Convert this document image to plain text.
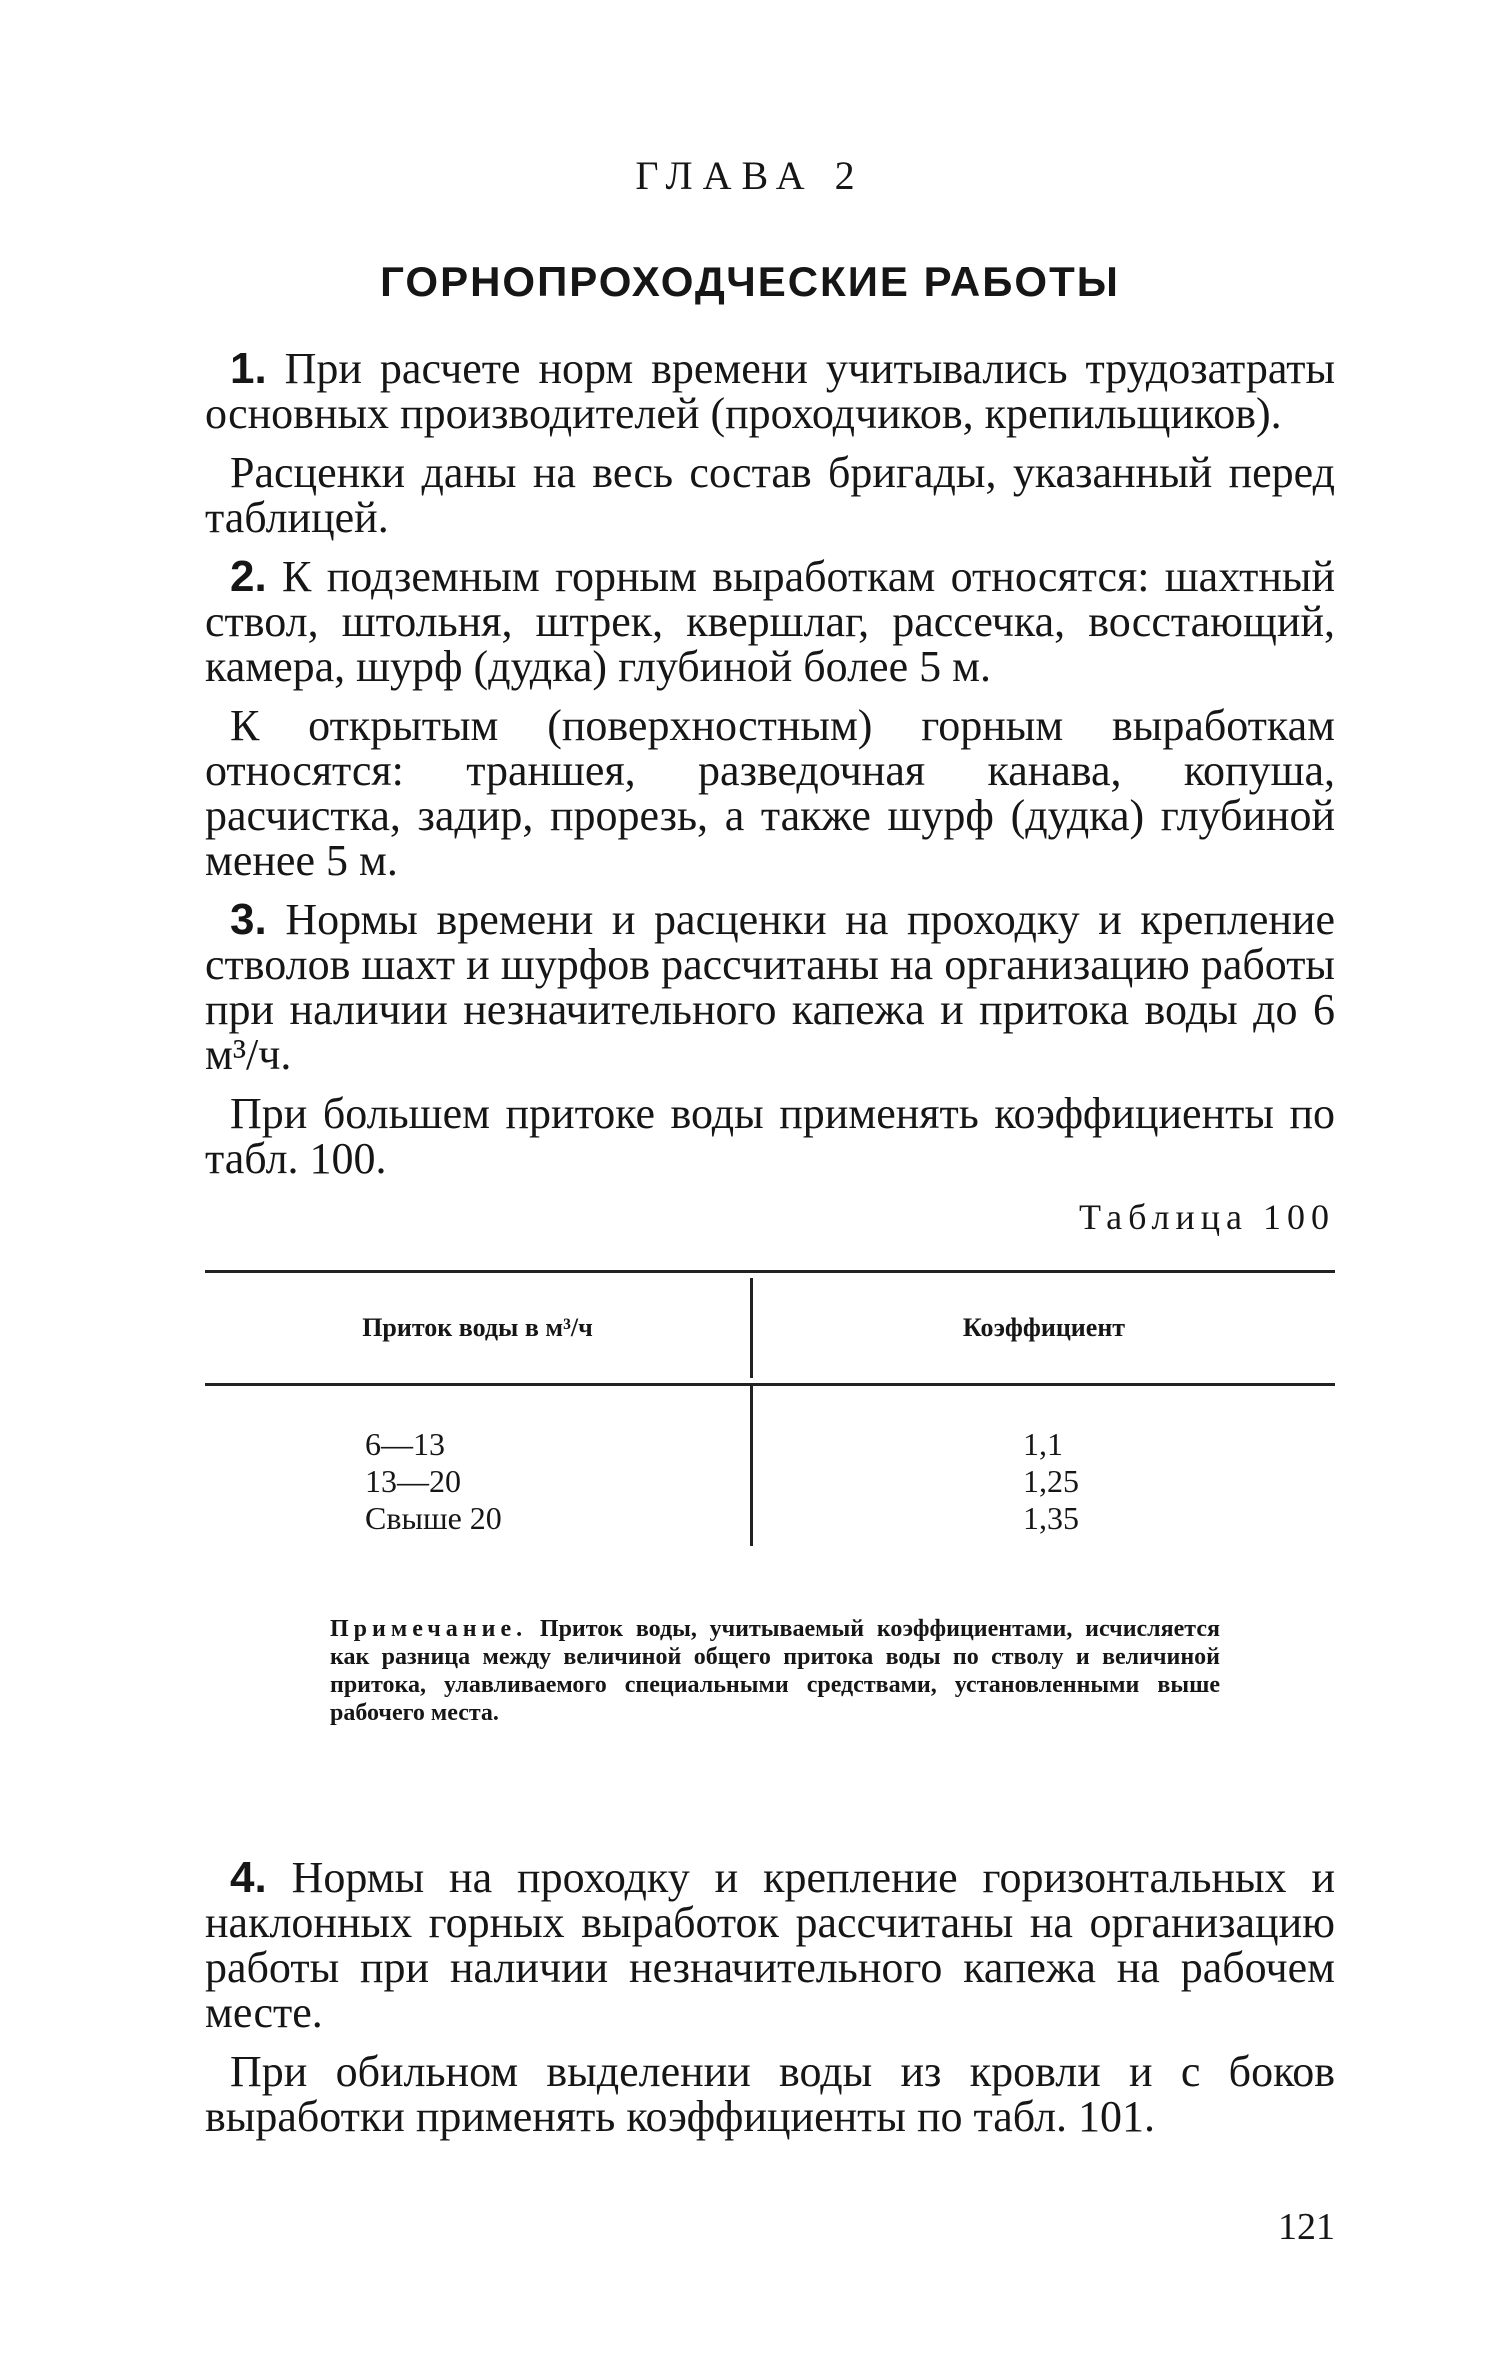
ГЛАВА 2
ГОРНОПРОХОДЧЕСКИЕ РАБОТЫ

1. При расчете норм времени учитывались трудозатраты основных производителей (проходчиков, крепильщиков).

Расценки даны на весь состав бригады, указанный перед таблицей.

2. К подземным горным выработкам относятся: шахтный ствол, штольня, штрек, квершлаг, рассечка, восстающий, камера, шурф (дудка) глубиной более 5 м.

К открытым (поверхностным) горным выработкам относятся: траншея, разведочная канава, копуша, расчистка, задир, прорезь, а также шурф (дудка) глубиной менее 5 м.

3. Нормы времени и расценки на проходку и крепление стволов шахт и шурфов рассчитаны на организацию работы при наличии незначительного капежа и притока воды до 6 м³/ч.

При большем притоке воды применять коэффициенты по табл. 100.

Таблица 100
Приток воды в м³/ч	Коэффициент
6—13
13—20
Свыше 20
1,1
1,25
1,35
Примечание. Приток воды, учитываемый коэффициентами, исчисляется как разница между величиной общего притока воды по стволу и величиной притока, улавливаемого специальными средствами, установленными выше рабочего места.

4. Нормы на проходку и крепление горизонтальных и наклонных горных выработок рассчитаны на организацию работы при наличии незначительного капежа на рабочем месте.

При обильном выделении воды из кровли и с боков выработки применять коэффициенты по табл. 101.

121
